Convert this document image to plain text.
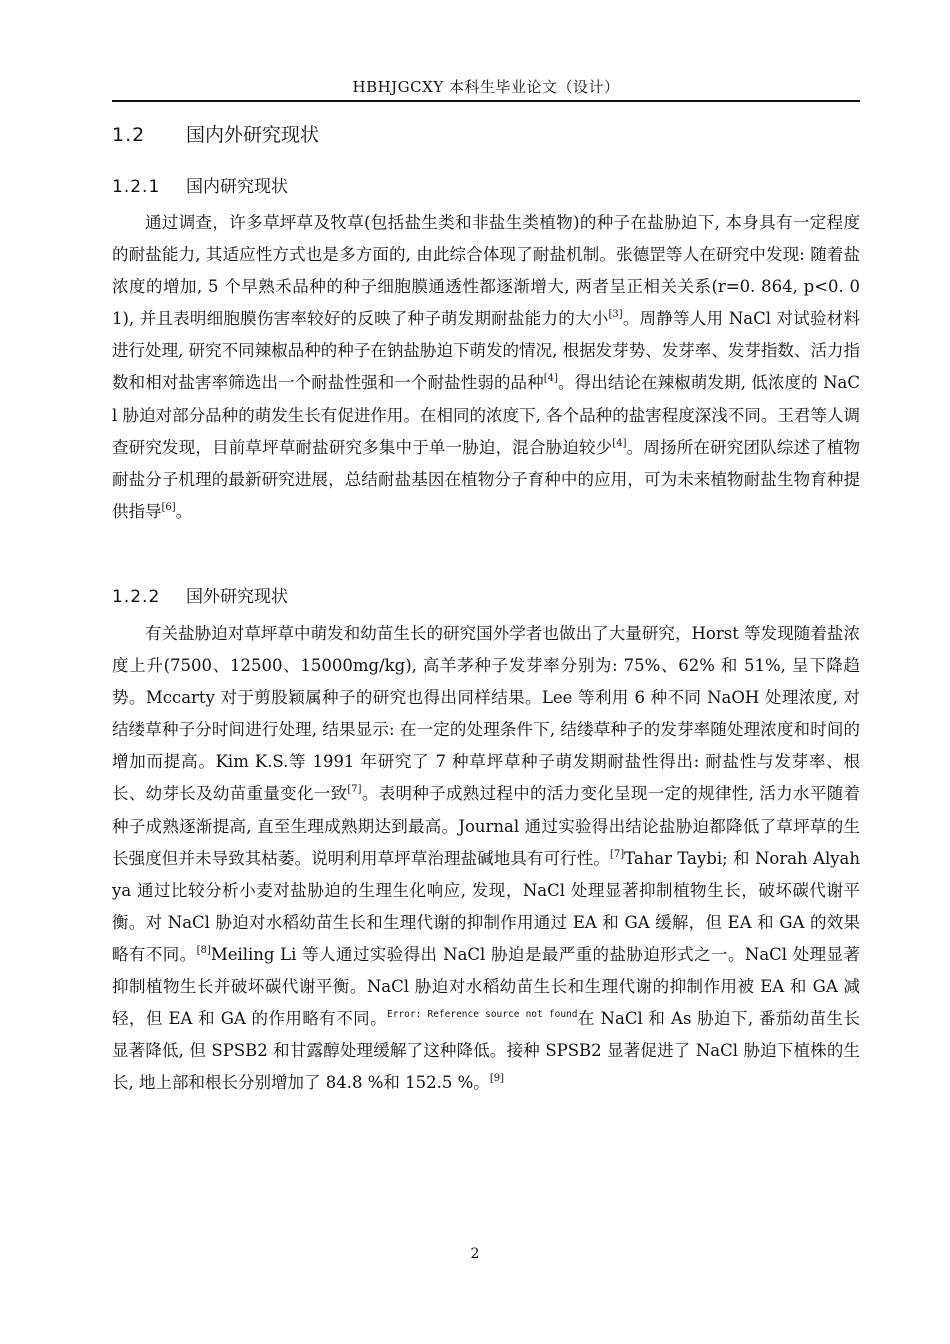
HBHJGCXY 本科生毕业论文（设计）
1.2 国内外研究现状
1.2.1 国内研究现状

通过调查，许多草坪草及牧草(包括盐生类和非盐生类植物)的种子在盐胁迫下, 本身具有一定程度的耐盐能力, 其适应性方式也是多方面的, 由此综合体现了耐盐机制。张德罡等人在研究中发现: 随着盐浓度的增加, 5 个早熟禾品种的种子细胞膜通透性都逐渐增大, 两者呈正相关关系(r=0. 864, p<0. 01), 并且表明细胞膜伤害率较好的反映了种子萌发期耐盐能力的大小[3]。周静等人用 NaCl 对试验材料进行处理, 研究不同辣椒品种的种子在钠盐胁迫下萌发的情况, 根据发芽势、发芽率、发芽指数、活力指数和相对盐害率筛选出一个耐盐性强和一个耐盐性弱的品种[4]。得出结论在辣椒萌发期, 低浓度的 NaCl 胁迫对部分品种的萌发生长有促进作用。在相同的浓度下, 各个品种的盐害程度深浅不同。王君等人调查研究发现，目前草坪草耐盐研究多集中于单一胁迫，混合胁迫较少[4]。周扬所在研究团队综述了植物耐盐分子机理的最新研究进展，总结耐盐基因在植物分子育种中的应用，可为未来植物耐盐生物育种提供指导[6]。

1.2.2 国外研究现状

有关盐胁迫对草坪草中萌发和幼苗生长的研究国外学者也做出了大量研究，Horst 等发现随着盐浓度上升(7500、12500、15000mg/kg), 高羊茅种子发芽率分别为: 75%、62% 和 51%, 呈下降趋势。Mccarty 对于剪股颖属种子的研究也得出同样结果。Lee 等利用 6 种不同 NaOH 处理浓度, 对结缕草种子分时间进行处理, 结果显示: 在一定的处理条件下, 结缕草种子的发芽率随处理浓度和时间的增加而提高。Kim K.S.等 1991 年研究了 7 种草坪草种子萌发期耐盐性得出: 耐盐性与发芽率、根长、幼芽长及幼苗重量变化一致[7]。表明种子成熟过程中的活力变化呈现一定的规律性, 活力水平随着种子成熟逐渐提高, 直至生理成熟期达到最高。Journal 通过实验得出结论盐胁迫都降低了草坪草的生长强度但并未导致其枯萎。说明利用草坪草治理盐碱地具有可行性。[7]Tahar Taybi; 和 Norah Alyahya 通过比较分析小麦对盐胁迫的生理生化响应, 发现，NaCl 处理显著抑制植物生长，破坏碳代谢平衡。对 NaCl 胁迫对水稻幼苗生长和生理代谢的抑制作用通过 EA 和 GA 缓解，但 EA 和 GA 的效果略有不同。[8]Meiling Li 等人通过实验得出 NaCl 胁迫是最严重的盐胁迫形式之一。NaCl 处理显著抑制植物生长并破坏碳代谢平衡。NaCl 胁迫对水稻幼苗生长和生理代谢的抑制作用被 EA 和 GA 减轻，但 EA 和 GA 的作用略有不同。$^{Error: Reference source not found}$在 NaCl 和 As 胁迫下, 番茄幼苗生长显著降低, 但 SPSB2 和甘露醇处理缓解了这种降低。接种 SPSB2 显著促进了 NaCl 胁迫下植株的生长, 地上部和根长分别增加了 84.8 %和 152.5 %。[9]

2
